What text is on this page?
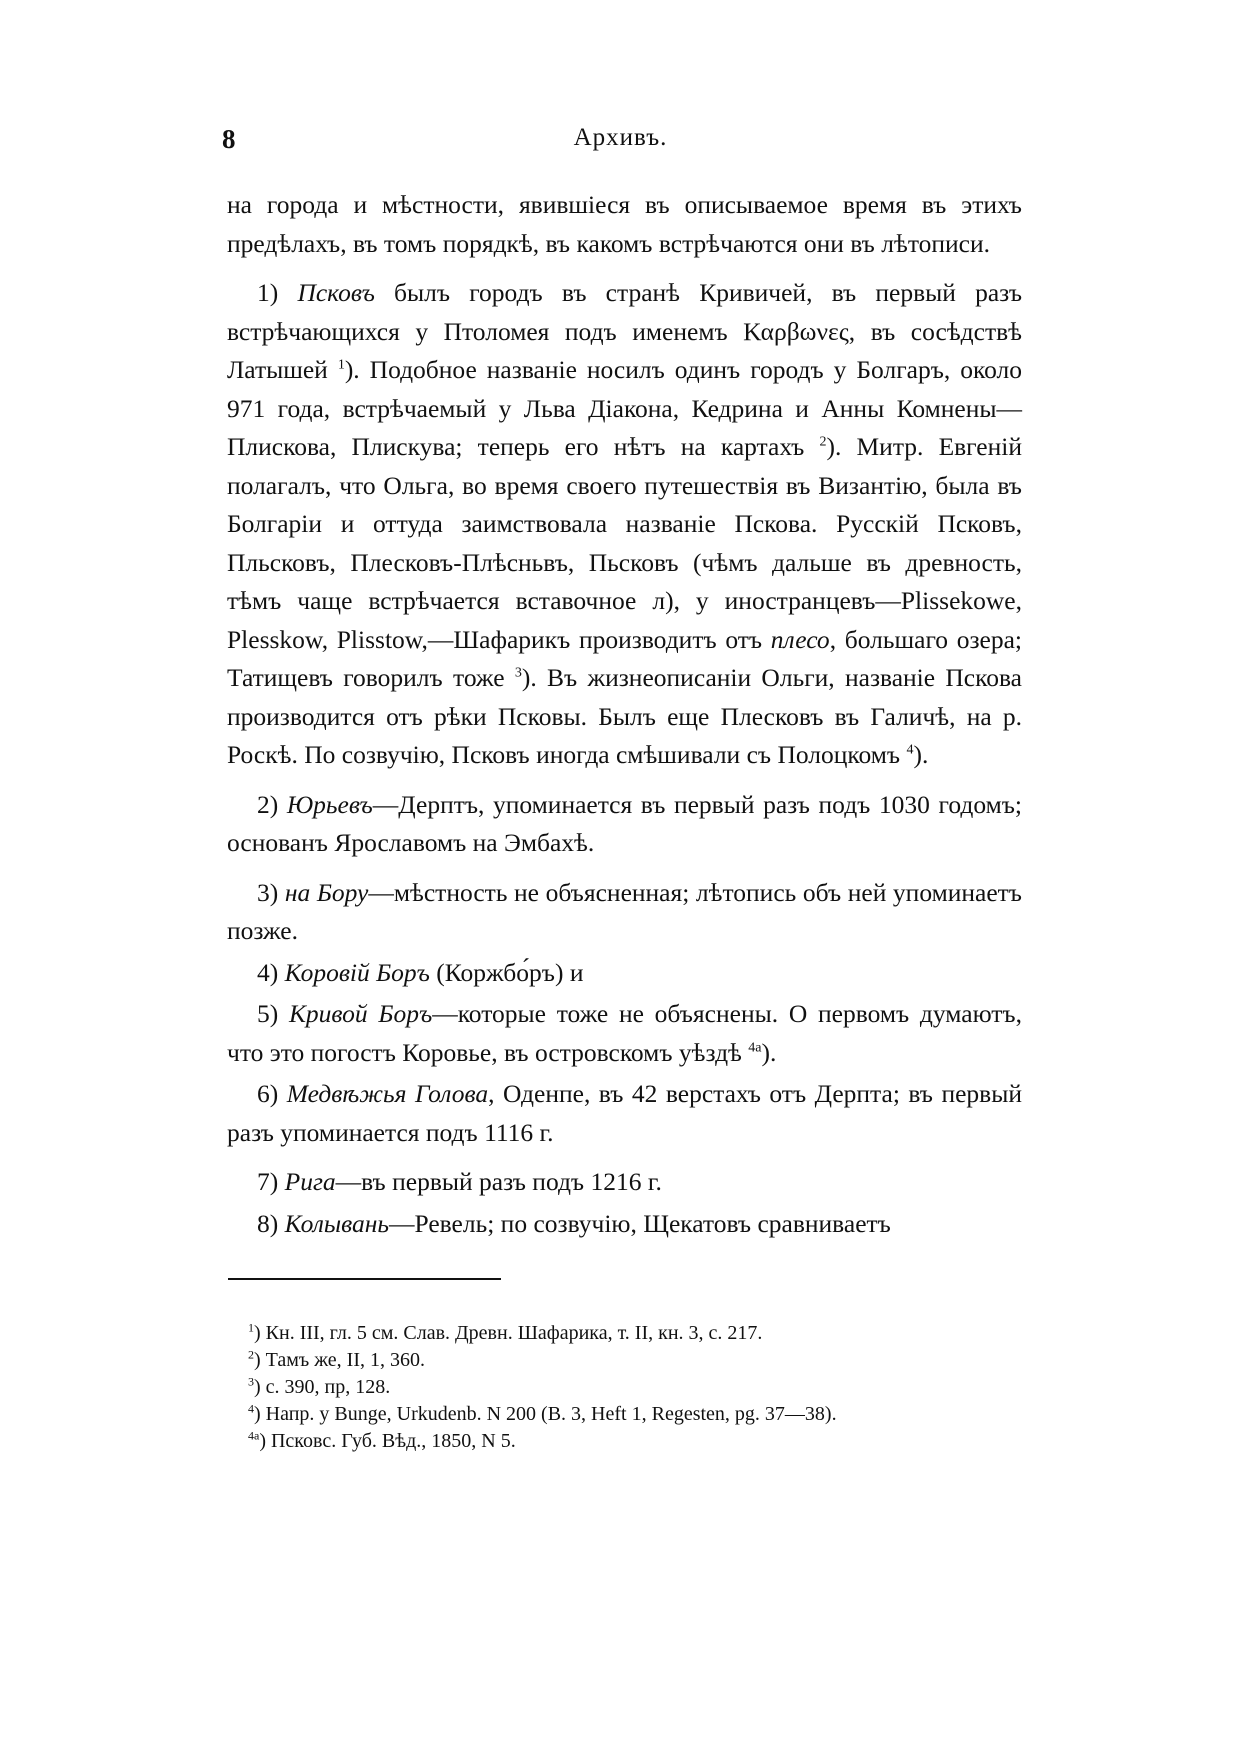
8	Архивъ.

на города и мѣстности, явившіеся въ описываемое время въ этихъ предѣлахъ, въ томъ порядкѣ, въ какомъ встрѣчаются они въ лѣтописи.

1) Псковъ былъ городъ въ странѣ Кривичей, въ первый разъ встрѣчающихся у Птоломея подъ именемъ Καρβωνες, въ сосѣдствѣ Латышей $^1$). Подобное названіе носилъ одинъ городъ у Болгаръ, около 971 года, встрѣчаемый у Льва Діакона, Кедрина и Анны Комнены—Плискова, Плискува; теперь его нѣтъ на картахъ $^2$). Митр. Евгеній полагалъ, что Ольга, во время своего путешествія въ Византію, была въ Болгаріи и оттуда заимствовала названіе Пскова. Русскій Псковъ, Пльсковъ, Плесковъ-Плѣсньвъ, Пьсковъ (чѣмъ дальше въ древность, тѣмъ чаще встрѣчается вставочное л), у иностранцевъ—Plissekowe, Plesskow, Plisstow,—Шафарикъ производитъ отъ плесо, большаго озера; Татищевъ говорилъ тоже $^3$). Въ жизнеописаніи Ольги, названіе Пскова производится отъ рѣки Псковы. Былъ еще Плесковъ въ Галичѣ, на р. Роскѣ. По созвучію, Псковъ иногда смѣшивали съ Полоцкомъ $^4$).

2) Юрьевъ—Дерптъ, упоминается въ первый разъ подъ 1030 годомъ; основанъ Ярославомъ на Эмбахѣ.

3) на Бору—мѣстность не объясненная; лѣтопись объ ней упоминаетъ позже.

4) Коровій Боръ (Коржбо́ръ) и

5) Кривой Боръ—которые тоже не объяснены. О первомъ думаютъ, что это погостъ Коровье, въ островскомъ уѣздѣ $^{4а}$).

6) Медвѣжья Голова, Оденпе, въ 42 верстахъ отъ Дерпта; въ первый разъ упоминается подъ 1116 г.

7) Рига—въ первый разъ подъ 1216 г.

8) Колывань—Ревель; по созвучію, Щекатовъ сравниваетъ

$^1$) Кн. III, гл. 5 см. Слав. Древн. Шафарика, т. II, кн. 3, с. 217.

$^2$) Тамъ же, II, 1, 360.

$^3$) с. 390, пр, 128.

$^4$) Напр. у Bunge, Urkudenb. N 200 (B. 3, Heft 1, Regesten, pg. 37—38).

$^{4а}$) Псковс. Губ. Вѣд., 1850, N 5.
